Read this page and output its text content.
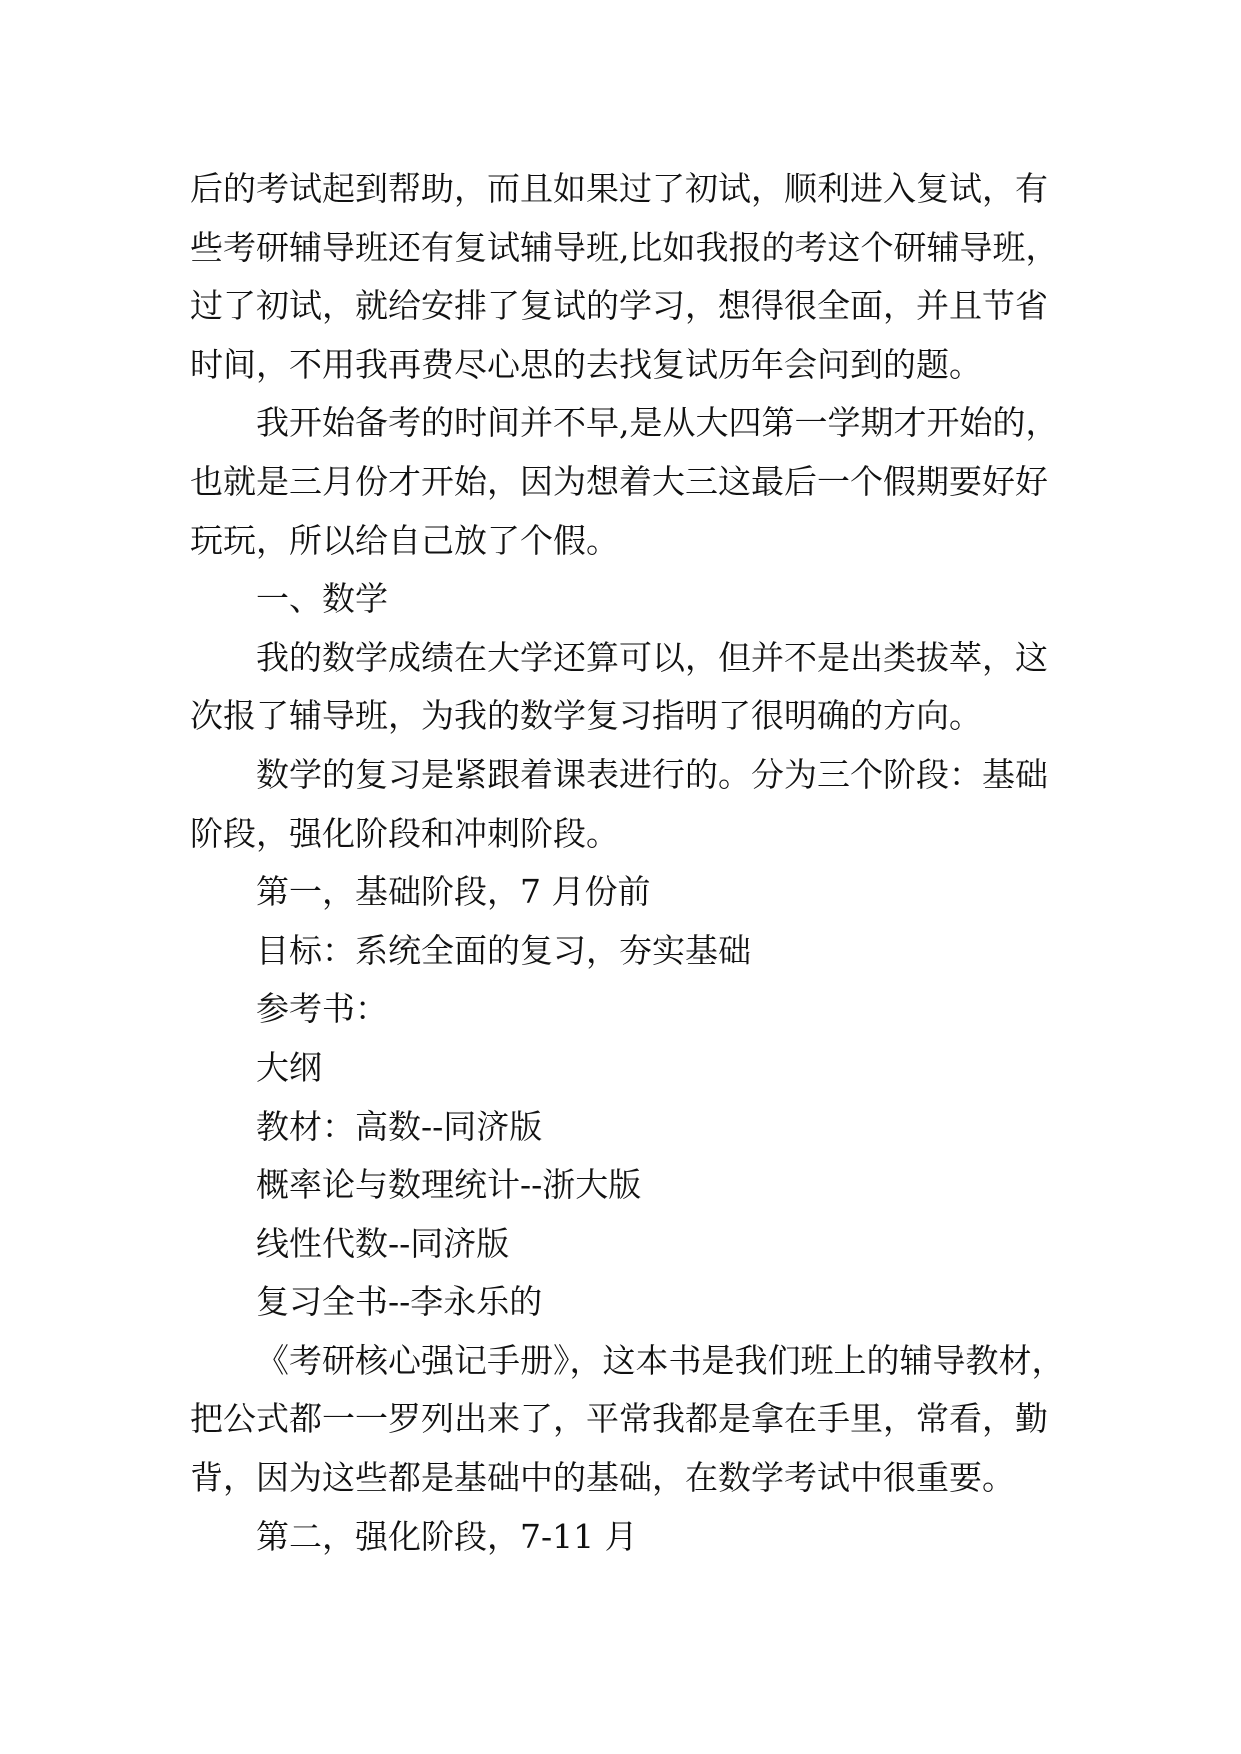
后的考试起到帮助，而且如果过了初试，顺利进入复试，有
些考研辅导班还有复试辅导班,比如我报的考这个研辅导班，
过了初试，就给安排了复试的学习，想得很全面，并且节省
时间，不用我再费尽心思的去找复试历年会问到的题。
我开始备考的时间并不早,是从大四第一学期才开始的，
也就是三月份才开始，因为想着大三这最后一个假期要好好
玩玩，所以给自己放了个假。
一、数学
我的数学成绩在大学还算可以，但并不是出类拔萃，这
次报了辅导班，为我的数学复习指明了很明确的方向。
数学的复习是紧跟着课表进行的。分为三个阶段：基础
阶段，强化阶段和冲刺阶段。
第一，基础阶段，7 月份前
目标：系统全面的复习，夯实基础
参考书：
大纲
教材：高数--同济版
概率论与数理统计--浙大版
线性代数--同济版
复习全书--李永乐的
《考研核心强记手册》，这本书是我们班上的辅导教材，
把公式都一一罗列出来了，平常我都是拿在手里，常看，勤
背，因为这些都是基础中的基础，在数学考试中很重要。
第二，强化阶段，7-11 月
